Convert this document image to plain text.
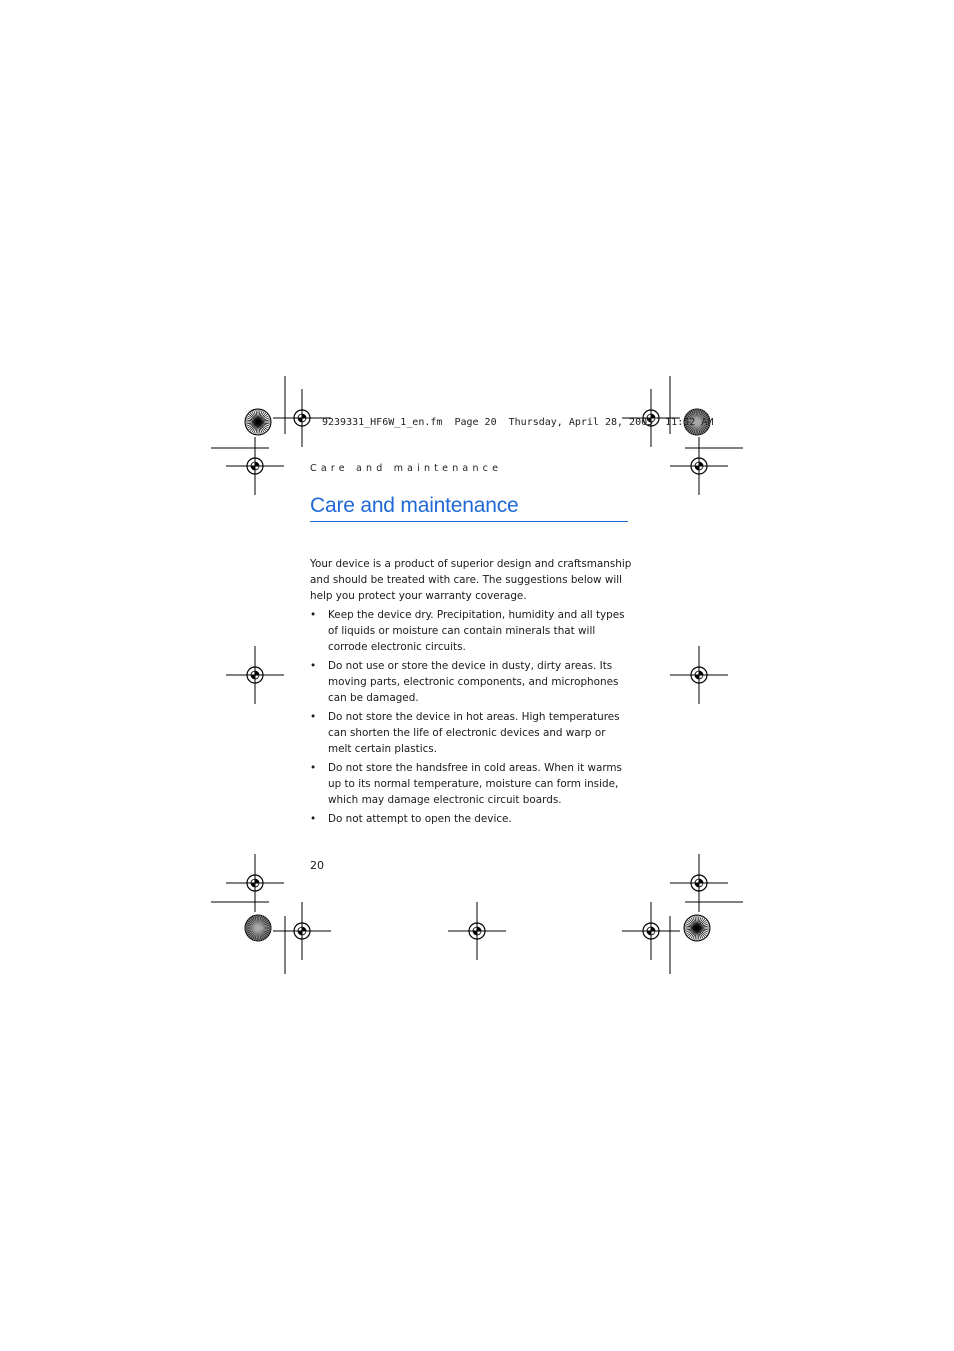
9239331_HF6W_1_en.fm  Page 20  Thursday, April 28, 2005  11:52 AM
Care and maintenance
Care and maintenance

Your device is a product of superior design and craftsmanship and should be treated with care. The suggestions below will help you protect your warranty coverage.

• Keep the device dry. Precipitation, humidity and all types of liquids or moisture can contain minerals that will corrode electronic circuits.
• Do not use or store the device in dusty, dirty areas. Its moving parts, electronic components, and microphones can be damaged.
• Do not store the device in hot areas. High temperatures can shorten the life of electronic devices and warp or melt certain plastics.
• Do not store the handsfree in cold areas. When it warms up to its normal temperature, moisture can form inside, which may damage electronic circuit boards.
• Do not attempt to open the device.
20
